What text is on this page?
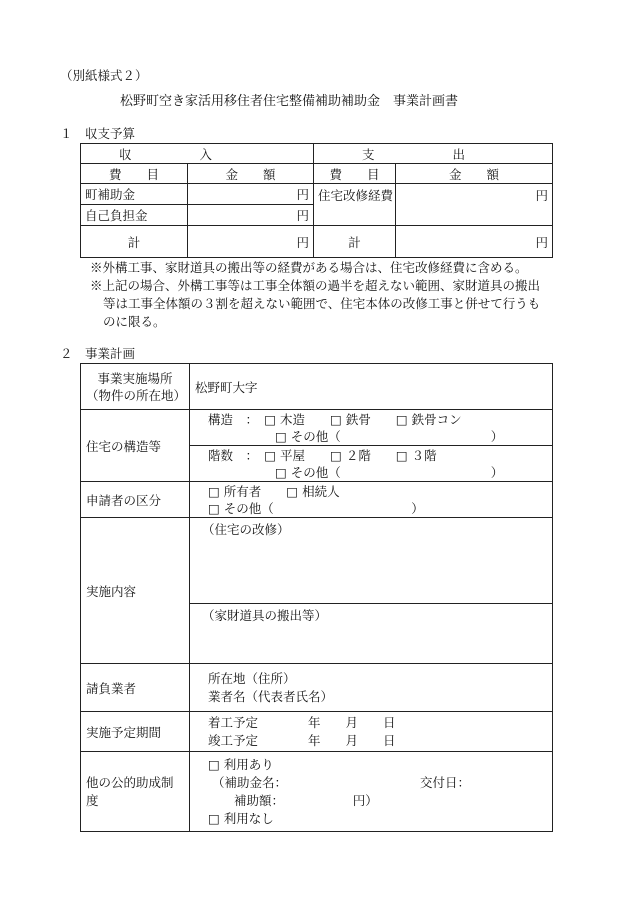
（別紙様式２）
松野町空き家活用移住者住宅整備補助補助金　事業計画書
１　収支予算
収 入		支 出	
費　　 目	金　　 額	費　　 目	金　　 額
町補助金	円	住宅改修経費	円
自己負担金	円		
計	円	計	円
※外構工事、家財道具の搬出等の経費がある場合は、住宅改修経費に含める。
※上記の場合、外構工事等は工事全体額の過半を超えない範囲、家財道具の搬出
等は工事全体額の３割を超えない範囲で、住宅本体の改修工事と併せて行うも
のに限る。
２　事業計画
事業実施場所
（物件の所在地）	松野町大字
住宅の構造等	構造　：　□ 木造　　□ 鉄骨　　□ 鉄骨コン
□ その他（　　　　　　　　　　　　）

	階数　：　□ 平屋　　□ ２階　　□ ３階
□ その他（　　　　　　　　　　　　）

申請者の区分	□ 所有者　　□ 相続人
□ その他（　　　　　　　　　　　）

実施内容	（住宅の改修）
（家財道具の搬出等）

請負業者	所在地（住所）
業者名（代表者氏名）

実施予定期間	着工予定　　　　年　　月　　日
竣工予定　　　　年　　月　　日

他の公的助成制
度	□ 利用あり
（補助金名： 交付日：
補助額：　　　　　　円）
□ 利用なし
